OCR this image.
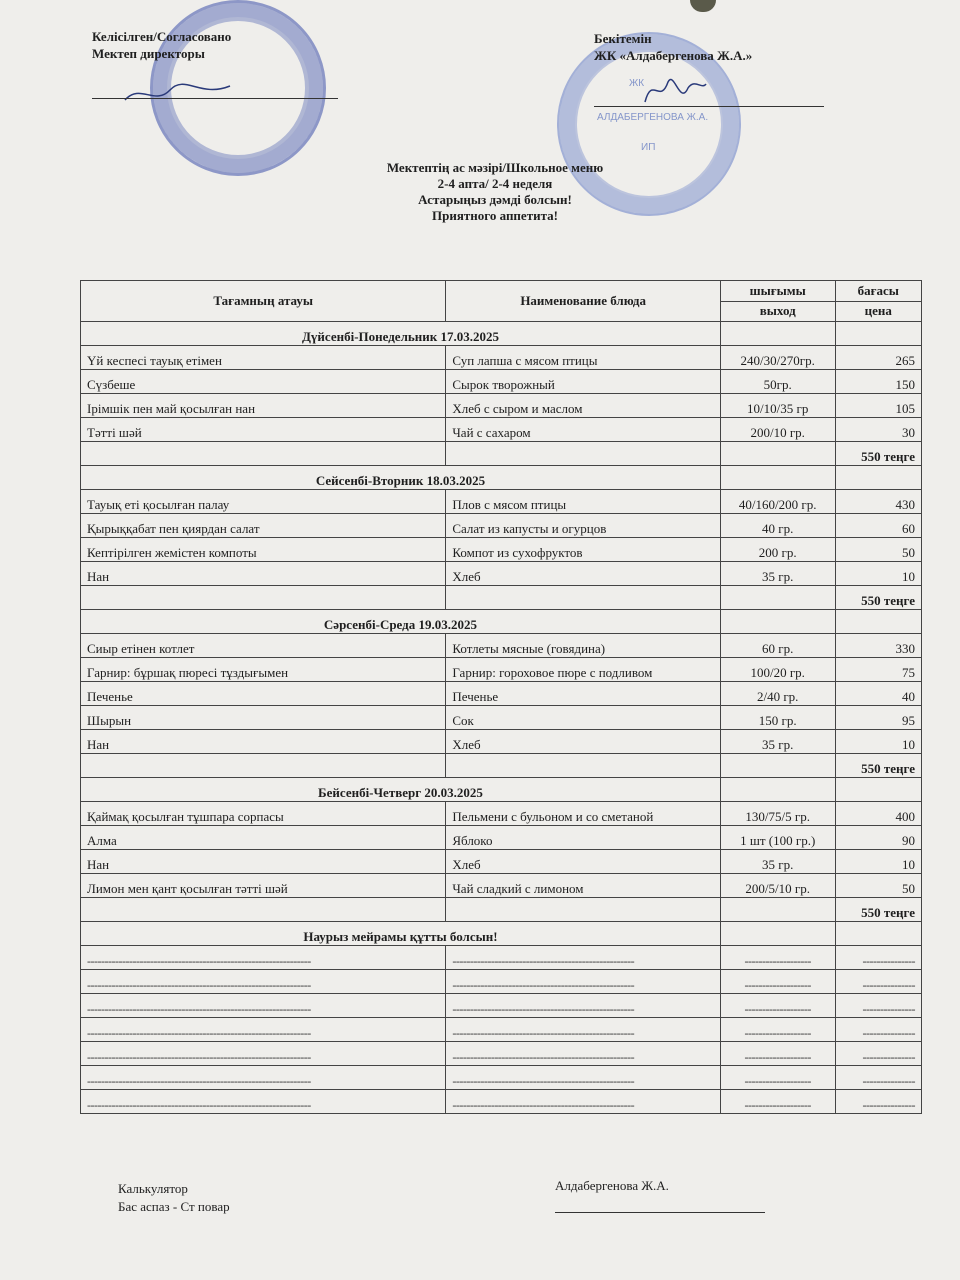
ЖК
АЛДАБЕРГЕНОВА Ж.А.
ИП
Келісілген/Согласовано
Мектеп директоры
Бекітемін
ЖК «Алдабергенова Ж.А.»
Мектептің ас мәзірі/Школьное меню
2-4 апта/ 2-4 неделя
Астарыңыз дәмді болсын!
Приятного аппетита!
Тағамның атауы	Наименование блюда	шығымы	бағасы
		выход	цена
Дүйсенбі-Понедельник 17.03.2025			
Үй кеспесі тауық етімен	Суп лапша с мясом птицы	240/30/270гр.	265
Сүзбеше	Сырок творожный	50гр.	150
Ірімшік пен май қосылған нан	Хлеб с сыром и маслом	10/10/35 гр	105
Тәтті шәй	Чай с сахаром	200/10 гр.	30
			550 теңге
Сейсенбі-Вторник 18.03.2025			
Тауық еті қосылған палау	Плов с мясом птицы	40/160/200 гр.	430
Қырыққабат пен қиярдан салат	Салат из капусты и огурцов	40 гр.	60
Кептірілген жемістен компоты	Компот из сухофруктов	200 гр.	50
Нан	Хлеб	35 гр.	10
			550 теңге
Сәрсенбі-Среда 19.03.2025			
Сиыр етінен котлет	Котлеты мясные (говядина)	60 гр.	330
Гарнир: бұршақ пюресі тұздығымен	Гарнир: гороховое пюре с подливом	100/20 гр.	75
Печенье	Печенье	2/40 гр.	40
Шырын	Сок	150 гр.	95
Нан	Хлеб	35 гр.	10
			550 теңге
Бейсенбі-Четверг 20.03.2025			
Қаймақ қосылған тұшпара сорпасы	Пельмени с бульоном и со сметаной	130/75/5 гр.	400
Алма	Яблоко	1 шт (100 гр.)	90
Нан	Хлеб	35 гр.	10
Лимон мен қант қосылған тәтті шәй	Чай сладкий с лимоном	200/5/10 гр.	50
			550 теңге
Наурыз мейрамы құтты болсын!			
----------------------------------------------------------------	----------------------------------------------------	-------------------	---------------
----------------------------------------------------------------	----------------------------------------------------	-------------------	---------------
----------------------------------------------------------------	----------------------------------------------------	-------------------	---------------
----------------------------------------------------------------	----------------------------------------------------	-------------------	---------------
----------------------------------------------------------------	----------------------------------------------------	-------------------	---------------
----------------------------------------------------------------	----------------------------------------------------	-------------------	---------------
----------------------------------------------------------------	----------------------------------------------------	-------------------	---------------
Калькулятор
Бас аспаз - Ст повар
Алдабергенова Ж.А.
